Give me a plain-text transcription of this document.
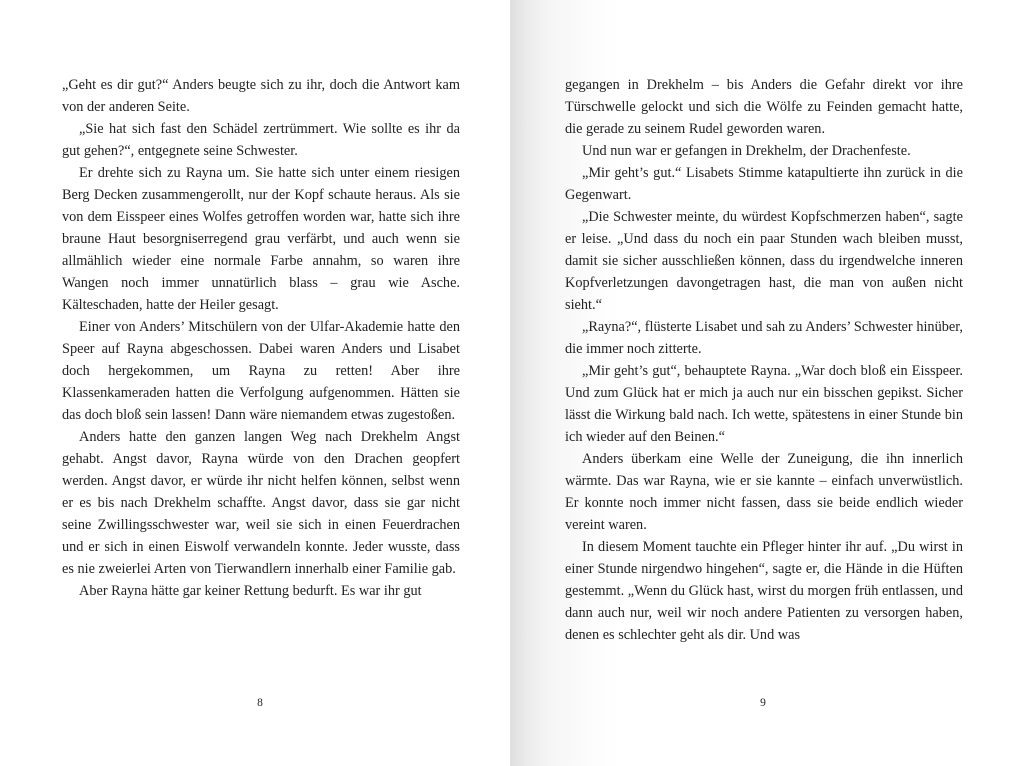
„Geht es dir gut?“ Anders beugte sich zu ihr, doch die Antwort kam von der anderen Seite.

„Sie hat sich fast den Schädel zertrümmert. Wie sollte es ihr da gut gehen?“, entgegnete seine Schwester.

Er drehte sich zu Rayna um. Sie hatte sich unter einem riesigen Berg Decken zusammengerollt, nur der Kopf schaute heraus. Als sie von dem Eisspeer eines Wolfes getroffen worden war, hatte sich ihre braune Haut besorgniserregend grau verfärbt, und auch wenn sie allmählich wieder eine normale Farbe annahm, so waren ihre Wangen noch immer unnatürlich blass – grau wie Asche. Kälteschaden, hatte der Heiler gesagt.

Einer von Anders’ Mitschülern von der Ulfar-Akademie hatte den Speer auf Rayna abgeschossen. Dabei waren Anders und Lisabet doch hergekommen, um Rayna zu retten! Aber ihre Klassenkameraden hatten die Verfolgung aufgenommen. Hätten sie das doch bloß sein lassen! Dann wäre niemandem etwas zugestoßen.

Anders hatte den ganzen langen Weg nach Drekhelm Angst gehabt. Angst davor, Rayna würde von den Drachen geopfert werden. Angst davor, er würde ihr nicht helfen können, selbst wenn er es bis nach Drekhelm schaffte. Angst davor, dass sie gar nicht seine Zwillingsschwester war, weil sie sich in einen Feuerdrachen und er sich in einen Eiswolf verwandeln konnte. Jeder wusste, dass es nie zweierlei Arten von Tierwandlern innerhalb einer Familie gab.

Aber Rayna hätte gar keiner Rettung bedurft. Es war ihr gut

8

gegangen in Drekhelm – bis Anders die Gefahr direkt vor ihre Türschwelle gelockt und sich die Wölfe zu Feinden gemacht hatte, die gerade zu seinem Rudel geworden waren.

Und nun war er gefangen in Drekhelm, der Drachenfeste.

„Mir geht’s gut.“ Lisabets Stimme katapultierte ihn zurück in die Gegenwart.

„Die Schwester meinte, du würdest Kopfschmerzen haben“, sagte er leise. „Und dass du noch ein paar Stunden wach bleiben musst, damit sie sicher ausschließen können, dass du irgendwelche inneren Kopfverletzungen davongetragen hast, die man von außen nicht sieht.“

„Rayna?“, flüsterte Lisabet und sah zu Anders’ Schwester hinüber, die immer noch zitterte.

„Mir geht’s gut“, behauptete Rayna. „War doch bloß ein Eisspeer. Und zum Glück hat er mich ja auch nur ein bisschen gepikst. Sicher lässt die Wirkung bald nach. Ich wette, spätestens in einer Stunde bin ich wieder auf den Beinen.“

Anders überkam eine Welle der Zuneigung, die ihn innerlich wärmte. Das war Rayna, wie er sie kannte – einfach unverwüstlich. Er konnte noch immer nicht fassen, dass sie beide endlich wieder vereint waren.

In diesem Moment tauchte ein Pfleger hinter ihr auf. „Du wirst in einer Stunde nirgendwo hingehen“, sagte er, die Hände in die Hüften gestemmt. „Wenn du Glück hast, wirst du morgen früh entlassen, und dann auch nur, weil wir noch andere Patienten zu versorgen haben, denen es schlechter geht als dir. Und was

9
